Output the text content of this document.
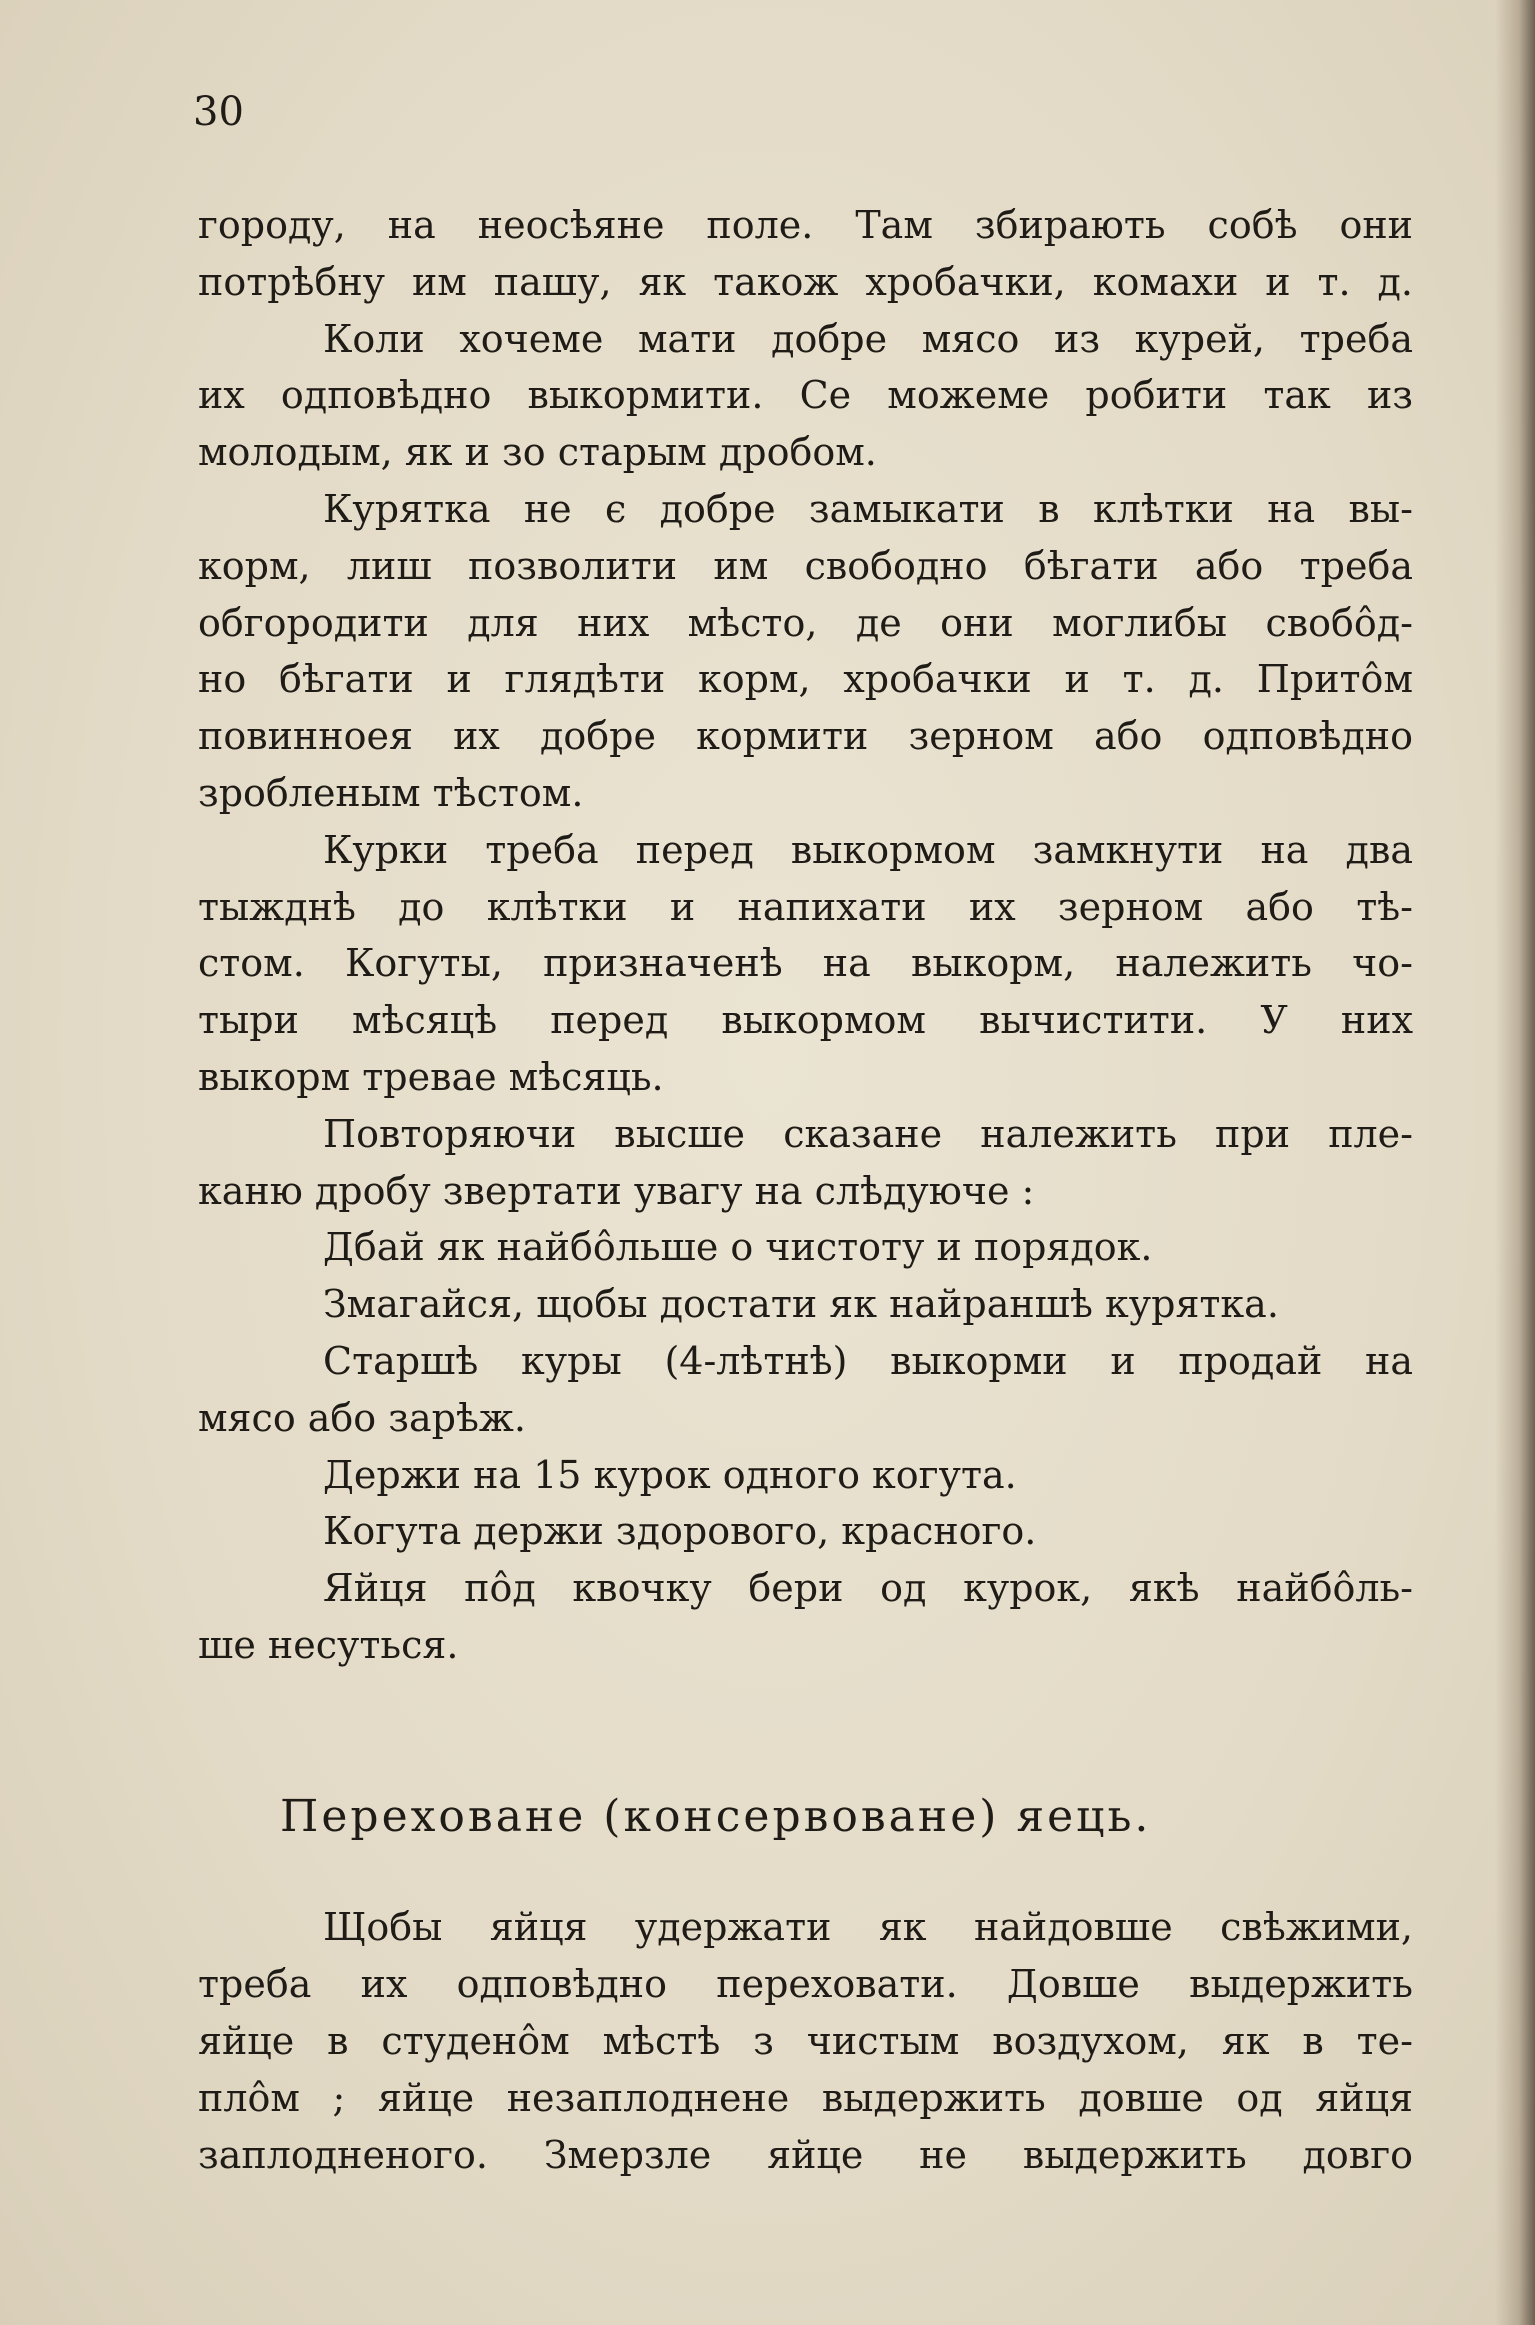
30
городу, на неосѣяне поле. Там збирають собѣ они
потрѣбну им пашу, як також хробачки, комахи и т. д.
Коли хочеме мати добре мясо из курей, треба
их одповѣдно выкормити. Се можеме робити так из
молодым, як и зо старым дробом.
Курятка не є добре замыкати в клѣтки на вы-
корм, лиш позволити им свободно бѣгати або треба
обгородити для них мѣсто, де они моглибы свобôд-
но бѣгати и глядѣти корм, хробачки и т. д. Притôм
повинноея их добре кормити зерном або одповѣдно
зробленым тѣстом.
Курки треба перед выкормом замкнути на два
тыжднѣ до клѣтки и напихати их зерном або тѣ-
стом. Когуты, призначенѣ на выкорм, належить чо-
тыри мѣсяцѣ перед выкормом вычистити. У них
выкорм тревае мѣсяць.
Повторяючи высше сказане належить при пле-
каню дробу звертати увагу на слѣдуюче :
Дбай як найбôльше о чистоту и порядок.
Змагайся, щобы достати як найраншѣ курятка.
Старшѣ куры (4-лѣтнѣ) выкорми и продай на
мясо або зарѣж.
Держи на 15 курок одного когута.
Когута держи здорового, красного.
Яйця пôд квочку бери од курок, якѣ найбôль-
ше несуться.
Переховане (консервоване) яець.
Щобы яйця удержати як найдовше свѣжими,
треба их одповѣдно переховати. Довше выдержить
яйце в студенôм мѣстѣ з чистым воздухом, як в те-
плôм ; яйце незаплоднене выдержить довше од яйця
заплодненого. Змерзле яйце не выдержить довго
